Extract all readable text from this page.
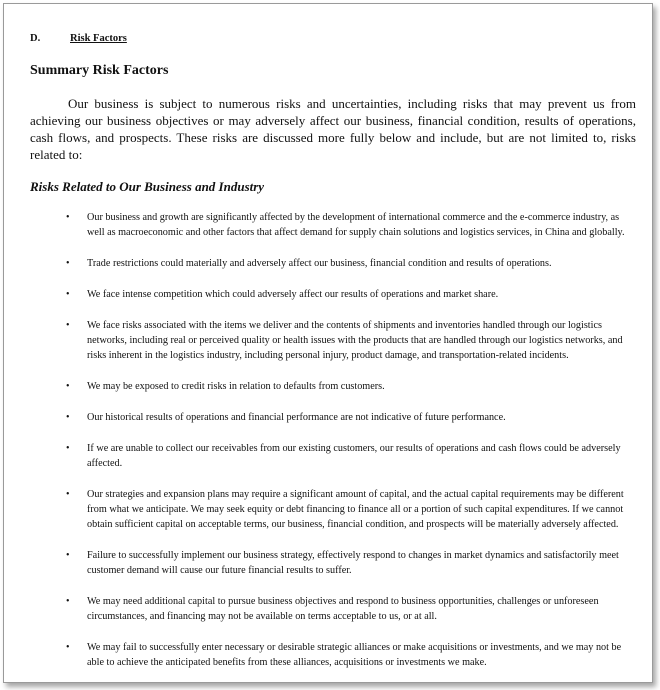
D.	Risk Factors
Summary Risk Factors

Our business is subject to numerous risks and uncertainties, including risks that may prevent us from achieving our business objectives or may adversely affect our business, financial condition, results of operations, cash flows, and prospects. These risks are discussed more fully below and include, but are not limited to, risks related to:

Risks Related to Our Business and Industry
• Our business and growth are significantly affected by the development of international commerce and the e-commerce industry, as well as macroeconomic and other factors that affect demand for supply chain solutions and logistics services, in China and globally.
• Trade restrictions could materially and adversely affect our business, financial condition and results of operations.
• We face intense competition which could adversely affect our results of operations and market share.
• We face risks associated with the items we deliver and the contents of shipments and inventories handled through our logistics networks, including real or perceived quality or health issues with the products that are handled through our logistics networks, and risks inherent in the logistics industry, including personal injury, product damage, and transportation-related incidents.
• We may be exposed to credit risks in relation to defaults from customers.
• Our historical results of operations and financial performance are not indicative of future performance.
• If we are unable to collect our receivables from our existing customers, our results of operations and cash flows could be adversely affected.
• Our strategies and expansion plans may require a significant amount of capital, and the actual capital requirements may be different from what we anticipate. We may seek equity or debt financing to finance all or a portion of such capital expenditures. If we cannot obtain sufficient capital on acceptable terms, our business, financial condition, and prospects will be materially adversely affected.
• Failure to successfully implement our business strategy, effectively respond to changes in market dynamics and satisfactorily meet customer demand will cause our future financial results to suffer.
• We may need additional capital to pursue business objectives and respond to business opportunities, challenges or unforeseen circumstances, and financing may not be available on terms acceptable to us, or at all.
• We may fail to successfully enter necessary or desirable strategic alliances or make acquisitions or investments, and we may not be able to achieve the anticipated benefits from these alliances, acquisitions or investments we make.
